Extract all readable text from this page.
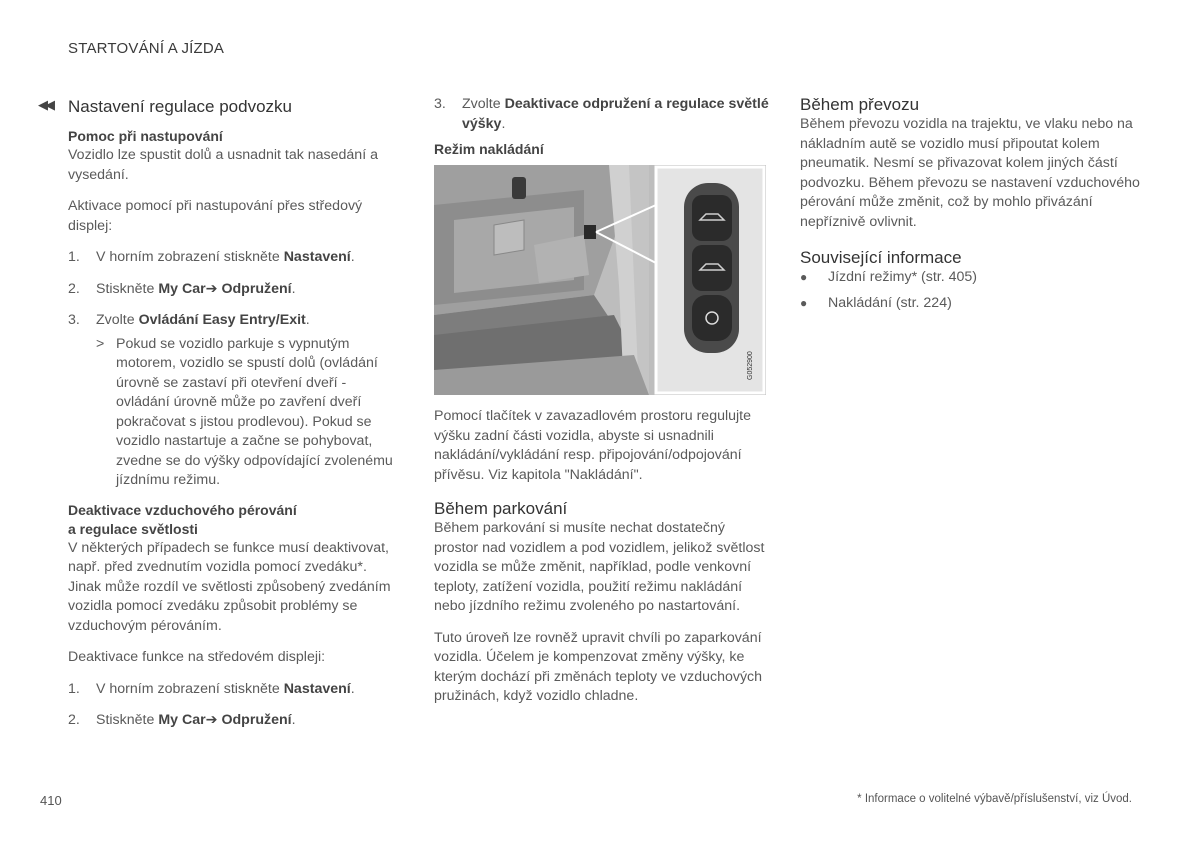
STARTOVÁNÍ A JÍZDA
◀◀ Nastavení regulace podvozku
Pomoc při nastupování
Vozidlo lze spustit dolů a usnadnit tak nasedání a vysedání.
Aktivace pomocí při nastupování přes středový displej:
1.	V horním zobrazení stiskněte Nastavení.
2.	Stiskněte My Car➔ Odpružení.
3.	Zvolte Ovládání Easy Entry/Exit.
> Pokud se vozidlo parkuje s vypnutým motorem, vozidlo se spustí dolů (ovládání úrovně se zastaví při otevření dveří - ovládání úrovně může po zavření dveří pokračovat s jistou prodlevou). Pokud se vozidlo nastartuje a začne se pohybovat, zvedne se do výšky odpovídající zvolenému jízdnímu režimu.
Deaktivace vzduchového pérování
a regulace světlosti
V některých případech se funkce musí deaktivovat, např. před zvednutím vozidla pomocí zvedáku*. Jinak může rozdíl ve světlosti způsobený zvedáním vozidla pomocí zvedáku způsobit problémy se vzduchovým pérováním.
Deaktivace funkce na středovém displeji:
1.	V horním zobrazení stiskněte Nastavení.
2.	Stiskněte My Car➔ Odpružení.
3.	Zvolte Deaktivace odpružení a regulace světlé výšky.
Režim nakládání
G052900
Pomocí tlačítek v zavazadlovém prostoru regulujte výšku zadní části vozidla, abyste si usnadnili nakládání/vykládání resp. připojování/odpojování přívěsu. Viz kapitola "Nakládání".
Během parkování
Během parkování si musíte nechat dostatečný prostor nad vozidlem a pod vozidlem, jelikož světlost vozidla se může změnit, například, podle venkovní teploty, zatížení vozidla, použití režimu nakládání nebo jízdního režimu zvoleného po nastartování.
Tuto úroveň lze rovněž upravit chvíli po zaparkování vozidla. Účelem je kompenzovat změny výšky, ke kterým dochází při změnách teploty ve vzduchových pružinách, když vozidlo chladne.
Během převozu
Během převozu vozidla na trajektu, ve vlaku nebo na nákladním autě se vozidlo musí připoutat kolem pneumatik. Nesmí se přivazovat kolem jiných částí podvozku. Během převozu se nastavení vzduchového pérování může změnit, což by mohlo přivázání nepříznivě ovlivnit.
Související informace
●	Jízdní režimy* (str. 405)
●	Nakládání (str. 224)
410	* Informace o volitelné výbavě/příslušenství, viz Úvod.
